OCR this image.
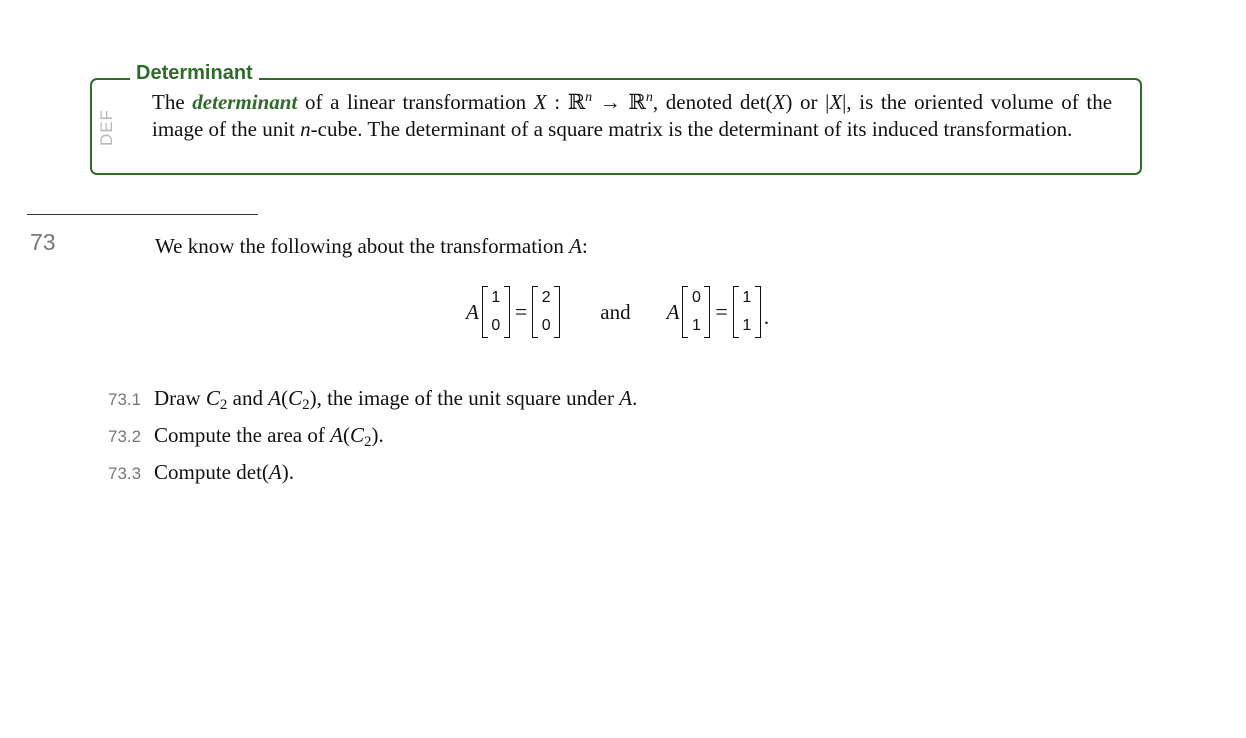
Determinant
DEF
The determinant of a linear transformation X : ℝ$^n$ → ℝ$^n$, denoted det(X) or |X|, is the oriented volume of the image of the unit n-cube. The determinant of a square matrix is the determinant of its induced transformation.
73	We know the following about the transformation A:
A
1
0
=
2
0
and A
0
1
=
1
1 .
73.1 Draw $C_2$ and $A(C_2)$, the image of the unit square under A.
73.2 Compute the area of $A(C_2)$.
73.3 Compute det(A).
